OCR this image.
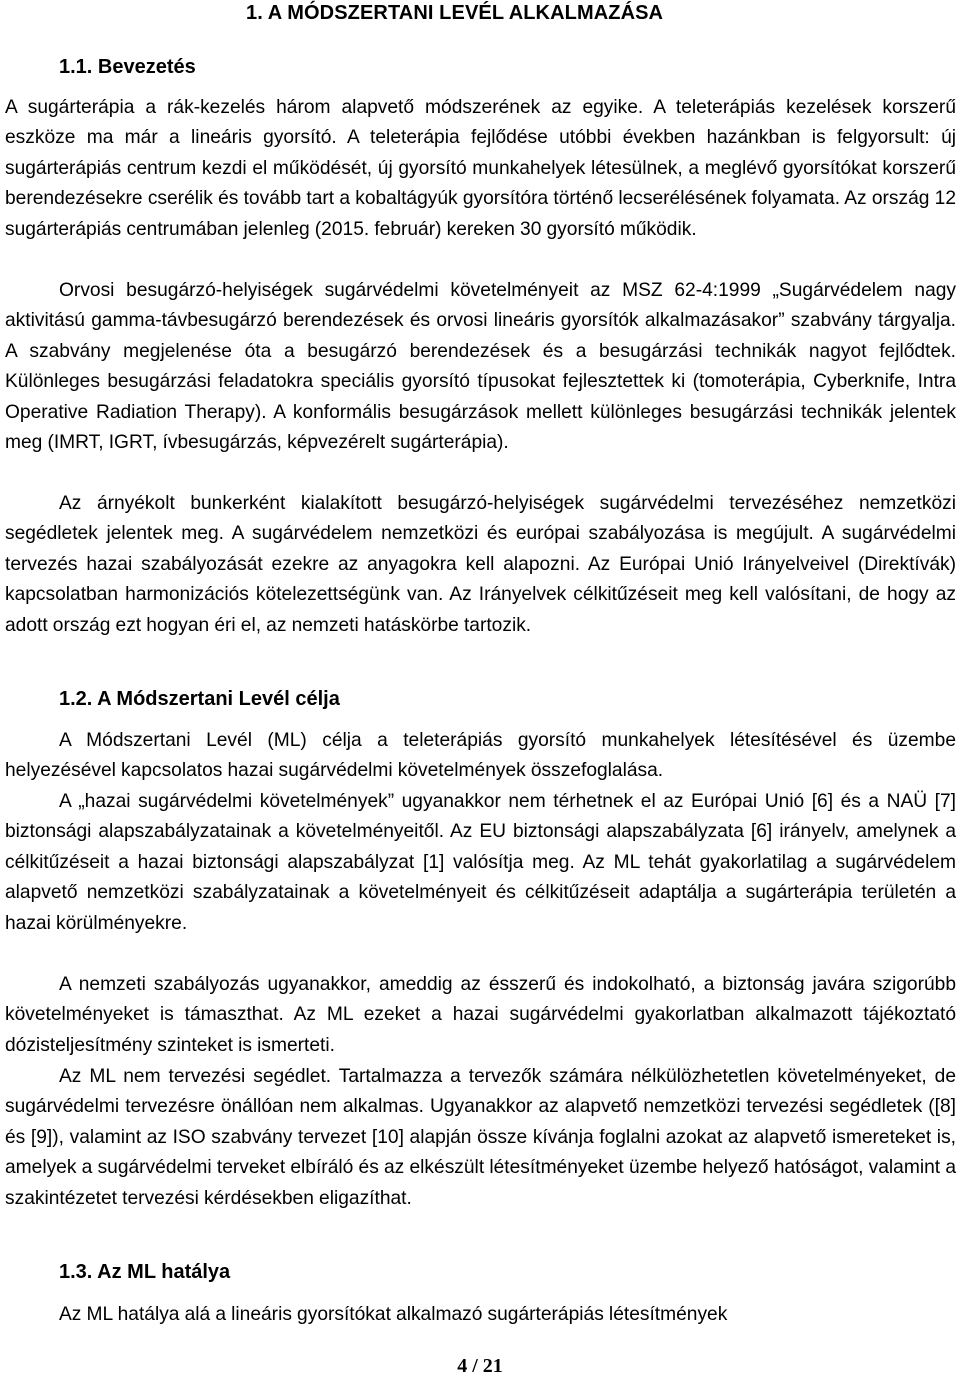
1. A MÓDSZERTANI LEVÉL ALKALMAZÁSA
1.1. Bevezetés

A sugárterápia a rák-kezelés három alapvető módszerének az egyike. A teleterápiás kezelések korszerű eszköze ma már a lineáris gyorsító. A teleterápia fejlődése utóbbi években hazánkban is felgyorsult: új sugárterápiás centrum kezdi el működését, új gyorsító munkahelyek létesülnek, a meglévő gyorsítókat korszerű berendezésekre cserélik és tovább tart a kobaltágyúk gyorsítóra történő lecserélésének folyamata. Az ország 12 sugárterápiás centrumában jelenleg (2015. február) kereken 30 gyorsító működik.

Orvosi besugárzó-helyiségek sugárvédelmi követelményeit az MSZ 62-4:1999 „Sugárvédelem nagy aktivitású gamma-távbesugárzó berendezések és orvosi lineáris gyorsítók alkalmazásakor” szabvány tárgyalja. A szabvány megjelenése óta a besugárzó berendezések és a besugárzási technikák nagyot fejlődtek. Különleges besugárzási feladatokra speciális gyorsító típusokat fejlesztettek ki (tomoterápia, Cyberknife, Intra Operative Radiation Therapy). A konformális besugárzások mellett különleges besugárzási technikák jelentek meg (IMRT, IGRT, ívbesugárzás, képvezérelt sugárterápia).

Az árnyékolt bunkerként kialakított besugárzó-helyiségek sugárvédelmi tervezéséhez nemzetközi segédletek jelentek meg. A sugárvédelem nemzetközi és európai szabályozása is megújult. A sugárvédelmi tervezés hazai szabályozását ezekre az anyagokra kell alapozni. Az Európai Unió Irányelveivel (Direktívák) kapcsolatban harmonizációs kötelezettségünk van. Az Irányelvek célkitűzéseit meg kell valósítani, de hogy az adott ország ezt hogyan éri el, az nemzeti hatáskörbe tartozik.

1.2. A Módszertani Levél célja

A Módszertani Levél (ML) célja a teleterápiás gyorsító munkahelyek létesítésével és üzembe helyezésével kapcsolatos hazai sugárvédelmi követelmények összefoglalása.

A „hazai sugárvédelmi követelmények” ugyanakkor nem térhetnek el az Európai Unió [6] és a NAÜ [7] biztonsági alapszabályzatainak a követelményeitől. Az EU biztonsági alapszabályzata [6] irányelv, amelynek a célkitűzéseit a hazai biztonsági alapszabályzat [1] valósítja meg. Az ML tehát gyakorlatilag a sugárvédelem alapvető nemzetközi szabályzatainak a követelményeit és célkitűzéseit adaptálja a sugárterápia területén a hazai körülményekre.

A nemzeti szabályozás ugyanakkor, ameddig az ésszerű és indokolható, a biztonság javára szigorúbb követelményeket is támaszthat. Az ML ezeket a hazai sugárvédelmi gyakorlatban alkalmazott tájékoztató dózisteljesítmény szinteket is ismerteti.

Az ML nem tervezési segédlet. Tartalmazza a tervezők számára nélkülözhetetlen követelményeket, de sugárvédelmi tervezésre önállóan nem alkalmas. Ugyanakkor az alapvető nemzetközi tervezési segédletek ([8] és [9]), valamint az ISO szabvány tervezet [10] alapján össze kívánja foglalni azokat az alapvető ismereteket is, amelyek a sugárvédelmi terveket elbíráló és az elkészült létesítményeket üzembe helyező hatóságot, valamint a szakintézetet tervezési kérdésekben eligazíthat.

1.3. Az ML hatálya

Az ML hatálya alá a lineáris gyorsítókat alkalmazó sugárterápiás létesítmények

4 / 21
